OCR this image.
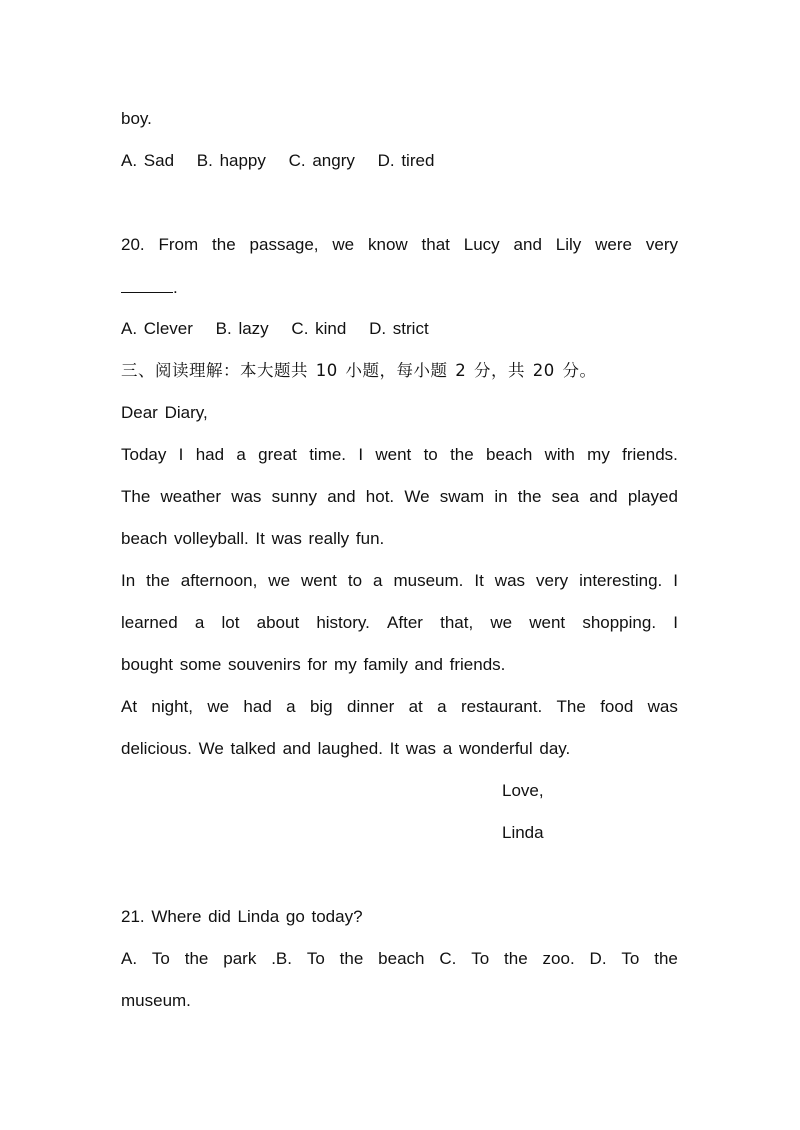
boy.
A. Sad B. happy C. angry D. tired
20. From the passage, we know that Lucy and Lily were very
.
A. Clever B. lazy C. kind D. strict
三、阅读理解：本大题共 10 小题，每小题 2 分，共 20 分。
Dear Diary,
Today I had a great time. I went to the beach with my friends.
The weather was sunny and hot. We swam in the sea and played
beach volleyball. It was really fun.
In the afternoon, we went to a museum. It was very interesting. I
learned a lot about history. After that, we went shopping. I
bought some souvenirs for my family and friends.
At night, we had a big dinner at a restaurant. The food was
delicious. We talked and laughed. It was a wonderful day.
Love,
Linda
21. Where did Linda go today?
A. To the park .B. To the beach C. To the zoo. D. To the
museum.
